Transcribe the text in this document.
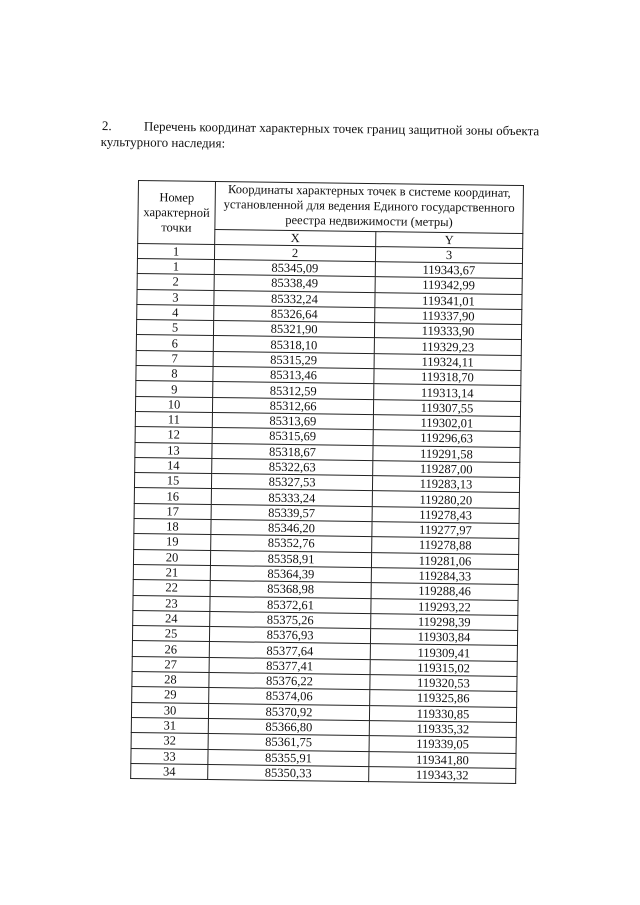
2. Перечень координат характерных точек границ защитной зоны объекта
культурного наследия:
Номер характерной точки	Координаты характерных точек в системе координат, установленной для ведения Единого государственного реестра недвижимости (метры)	
	X	Y
1	2	3
1	85345,09	119343,67
2	85338,49	119342,99
3	85332,24	119341,01
4	85326,64	119337,90
5	85321,90	119333,90
6	85318,10	119329,23
7	85315,29	119324,11
8	85313,46	119318,70
9	85312,59	119313,14
10	85312,66	119307,55
11	85313,69	119302,01
12	85315,69	119296,63
13	85318,67	119291,58
14	85322,63	119287,00
15	85327,53	119283,13
16	85333,24	119280,20
17	85339,57	119278,43
18	85346,20	119277,97
19	85352,76	119278,88
20	85358,91	119281,06
21	85364,39	119284,33
22	85368,98	119288,46
23	85372,61	119293,22
24	85375,26	119298,39
25	85376,93	119303,84
26	85377,64	119309,41
27	85377,41	119315,02
28	85376,22	119320,53
29	85374,06	119325,86
30	85370,92	119330,85
31	85366,80	119335,32
32	85361,75	119339,05
33	85355,91	119341,80
34	85350,33	119343,32
